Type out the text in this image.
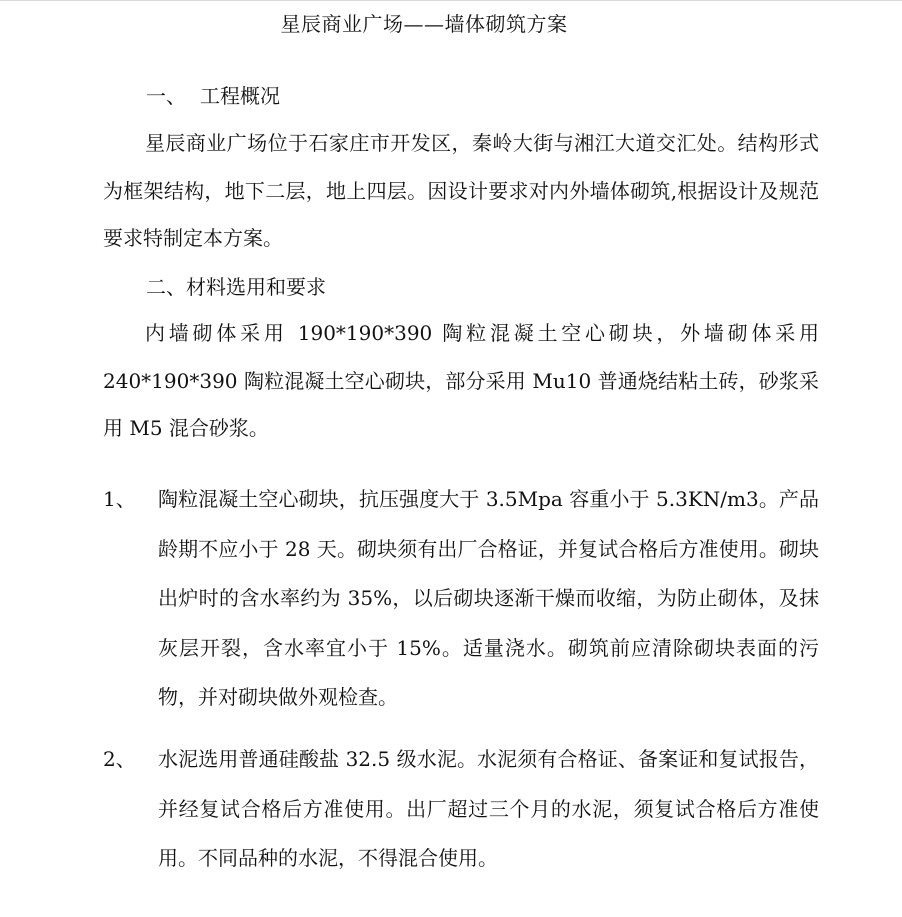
星辰商业广场——墙体砌筑方案
一、 工程概况

星辰商业广场位于石家庄市开发区，秦岭大街与湘江大道交汇处。结构形式为框架结构，地下二层，地上四层。因设计要求对内外墙体砌筑,根据设计及规范要求特制定本方案。

二、材料选用和要求

内墙砌体采用 190*190*390 陶粒混凝土空心砌块，外墙砌体采用240*190*390 陶粒混凝土空心砌块，部分采用 Mu10 普通烧结粘土砖，砂浆采用 M5 混合砂浆。

1、	陶粒混凝土空心砌块，抗压强度大于 3.5Mpa 容重小于 5.3KN/m3。产品龄期不应小于 28 天。砌块须有出厂合格证，并复试合格后方准使用。砌块出炉时的含水率约为 35%，以后砌块逐渐干燥而收缩，为防止砌体，及抹灰层开裂，含水率宜小于 15%。适量浇水。砌筑前应清除砌块表面的污物，并对砌块做外观检查。
2、	水泥选用普通硅酸盐 32.5 级水泥。水泥须有合格证、备案证和复试报告，并经复试合格后方准使用。出厂超过三个月的水泥，须复试合格后方准使用。不同品种的水泥，不得混合使用。
